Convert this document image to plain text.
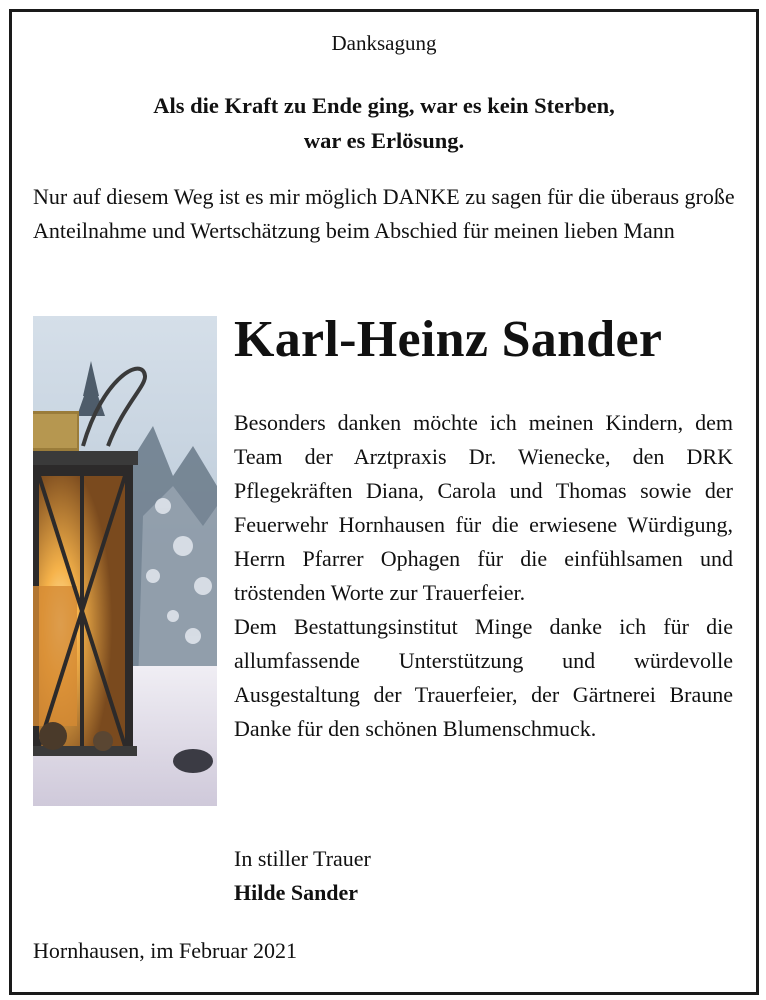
Danksagung
Als die Kraft zu Ende ging, war es kein Sterben,
war es Erlösung.
Nur auf diesem Weg ist es mir möglich DANKE zu sagen für die überaus große Anteilnahme und Wertschätzung beim Abschied für meinen lieben Mann
Karl-Heinz Sander
Besonders danken möchte ich meinen Kindern, dem Team der Arztpraxis Dr. Wienecke, den DRK Pflegekräften Diana, Carola und Thomas sowie der Feuerwehr Hornhausen für die erwiesene Würdigung, Herrn Pfarrer Ophagen für die einfühlsamen und tröstenden Worte zur Trauerfeier.
Dem Bestattungsinstitut Minge danke ich für die allumfassende Unterstützung und würdevolle Ausgestaltung der Trauerfeier, der Gärtnerei Braune Danke für den schönen Blumenschmuck.
In stiller Trauer
Hilde Sander
Hornhausen, im Februar 2021
